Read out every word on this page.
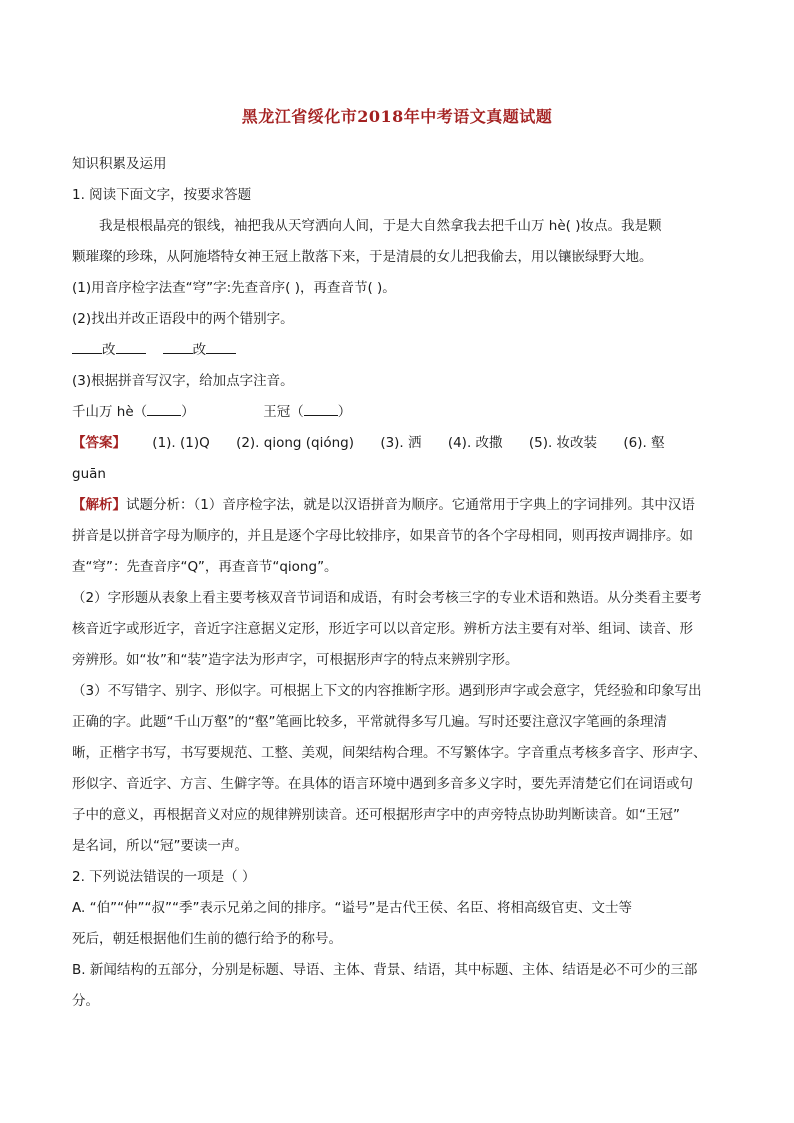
黑龙江省绥化市2018年中考语文真题试题

知识积累及运用

1. 阅读下面文字，按要求答题

我是根根晶亮的银线，袖把我从天穹洒向人间，于是大自然拿我去把千山万 hè( )妆点。我是颗

颗璀璨的珍珠，从阿施塔特女神王冠上散落下来，于是清晨的女儿把我偷去，用以镶嵌绿野大地。

(1)用音序检字法查“穹”字:先查音序( )，再查音节( )。

(2)找出并改正语段中的两个错别字。

改	改

(3)根据拼音写汉字，给加点字注音。

千山万 hè（	）	王冠（	）

【答案】 (1). (1)Q (2). qiong (qióng) (3). 洒 (4). 改撒 (5). 妆改装 (6). 壑

guān

【解析】试题分析：（1）音序检字法，就是以汉语拼音为顺序。它通常用于字典上的字词排列。其中汉语

拼音是以拼音字母为顺序的，并且是逐个字母比较排序，如果音节的各个字母相同，则再按声调排序。如

查“穹”：先查音序“Q”，再查音节“qiong”。

（2）字形题从表象上看主要考核双音节词语和成语，有时会考核三字的专业术语和熟语。从分类看主要考

核音近字或形近字，音近字注意据义定形，形近字可以以音定形。辨析方法主要有对举、组词、读音、形

旁辨形。如“妆”和“装”造字法为形声字，可根据形声字的特点来辨别字形。

（3）不写错字、别字、形似字。可根据上下文的内容推断字形。遇到形声字或会意字，凭经验和印象写出

正确的字。此题“千山万壑”的“壑”笔画比较多，平常就得多写几遍。写时还要注意汉字笔画的条理清

晰，正楷字书写，书写要规范、工整、美观，间架结构合理。不写繁体字。字音重点考核多音字、形声字、

形似字、音近字、方言、生僻字等。在具体的语言环境中遇到多音多义字时，要先弄清楚它们在词语或句

子中的意义，再根据音义对应的规律辨别读音。还可根据形声字中的声旁特点协助判断读音。如“王冠”

是名词，所以“冠”要读一声。

2. 下列说法错误的一项是（ ）

A. “伯”“仲”“叔”“季”表示兄弟之间的排序。“谥号”是古代王侯、名臣、将相高级官吏、文士等

死后，朝廷根据他们生前的德行给予的称号。

B. 新闻结构的五部分，分别是标题、导语、主体、背景、结语，其中标题、主体、结语是必不可少的三部

分。
